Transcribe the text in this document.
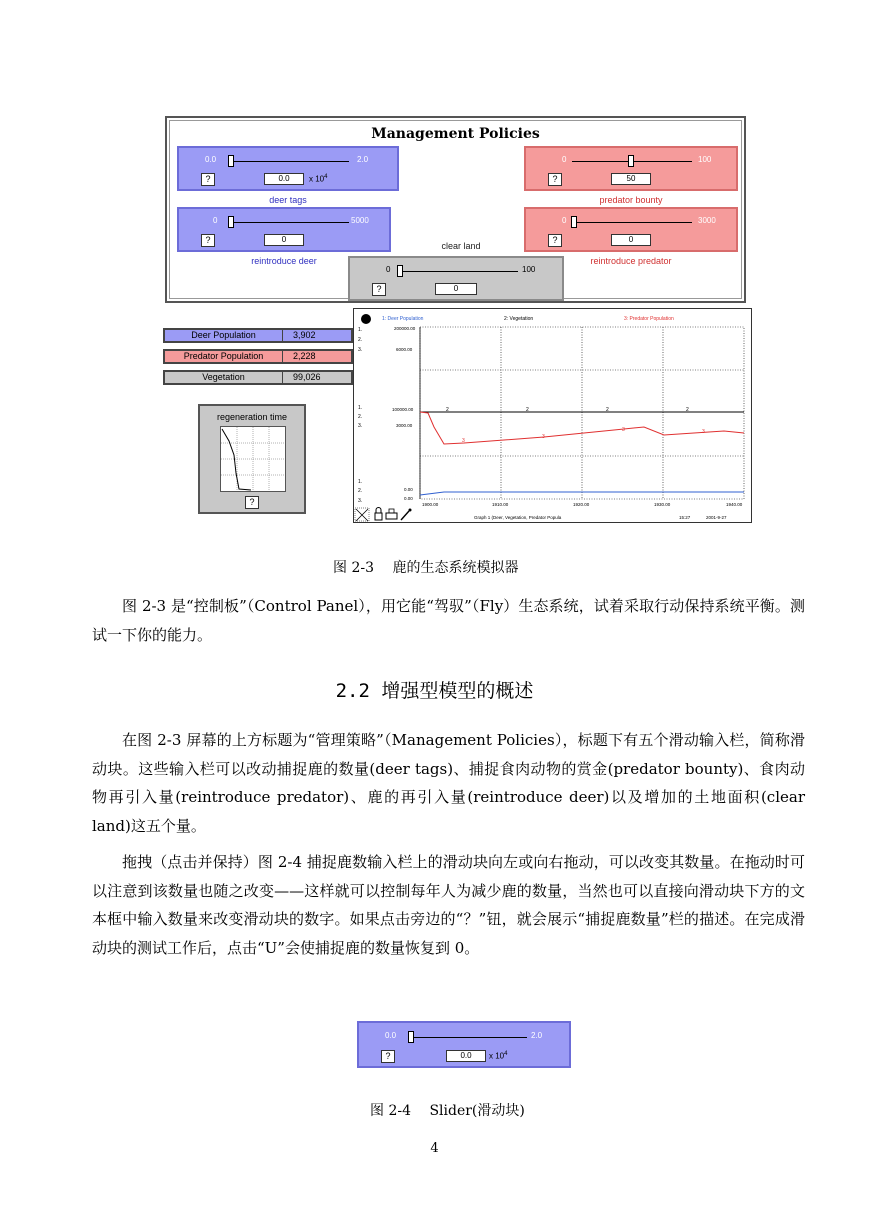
Management Policies
0.0	2.0
?	0.0	x $10^4$
deer tags
0	5000
?	0
reintroduce deer
0	100
?	50
predator bounty
0	3000
?	0
reintroduce predator
clear land
0	100
?	0
Deer Population	3,902
Predator Population	2,228
Vegetation	99,026
regeneration time
?
1: Deer Population	2: Vegetation	3: Predator Population
200000.00
6000.00
100000.00
3000.00
0.00
0.00
1.
2.
3.
1.
2.
3.
1.
2.
3.
2	2	2	2
3
3
3	3
1900.00	1910.00	1920.00	1930.00	1940.00
Graph 1 (Deer, Vegetation, Predator Popula	15:27	2001-9-27
图 2-3　 鹿的生态系统模拟器
图 2-3 是“控制板”（Control Panel），用它能“驾驭”（Fly）生态系统，试着采取行动保持系统平衡。测试一下你的能力。
2.2 增强型模型的概述
在图 2-3 屏幕的上方标题为“管理策略”（Management Policies），标题下有五个滑动输入栏，简称滑动块。这些输入栏可以改动捕捉鹿的数量(deer tags)、捕捉食肉动物的赏金(predator bounty)、食肉动物再引入量(reintroduce predator)、鹿的再引入量(reintroduce deer)以及增加的土地面积(clear land)这五个量。
拖拽（点击并保持）图 2-4 捕捉鹿数输入栏上的滑动块向左或向右拖动，可以改变其数量。在拖动时可以注意到该数量也随之改变——这样就可以控制每年人为减少鹿的数量，当然也可以直接向滑动块下方的文本框中输入数量来改变滑动块的数字。如果点击旁边的“？”钮，就会展示“捕捉鹿数量”栏的描述。在完成滑动块的测试工作后，点击“U”会使捕捉鹿的数量恢复到 0。
0.0	2.0
?	0.0	x $10^4$
图 2-4　 Slider(滑动块)
4
